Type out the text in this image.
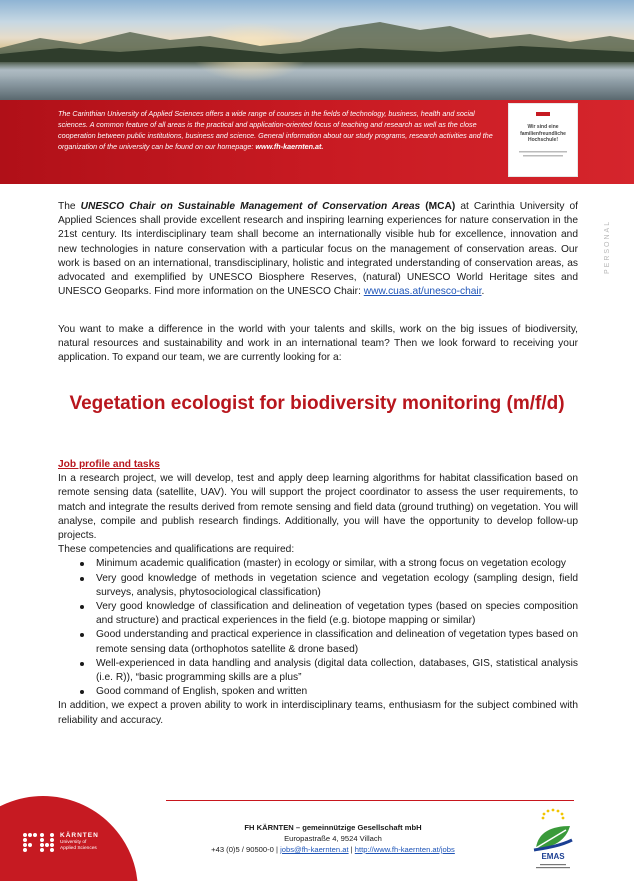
The Carinthian University of Applied Sciences offers a wide range of courses in the fields of technology, business, health and social sciences. A common feature of all areas is the practical and application-oriented focus of teaching and research as well as the close cooperation between public institutions, business and science. General information about our study programs, research activities and the organization of the university can be found on our homepage: www.fh-kaernten.at.
Wir sind eine familienfreundliche Hochschule!
PERSONAL
The UNESCO Chair on Sustainable Management of Conservation Areas (MCA) at Carinthia University of Applied Sciences shall provide excellent research and inspiring learning experiences for nature conservation in the 21st century. Its interdisciplinary team shall become an internationally visible hub for excellence, innovation and new technologies in nature conservation with a particular focus on the management of conservation areas. Our work is based on an international, transdisciplinary, holistic and integrated understanding of conservation areas, as advocated and exemplified by UNESCO Biosphere Reserves, (natural) UNESCO World Heritage sites and UNESCO Geoparks. Find more information on the UNESCO Chair: www.cuas.at/unesco-chair.
You want to make a difference in the world with your talents and skills, work on the big issues of biodiversity, natural resources and sustainability and work in an international team? Then we look forward to receiving your application. To expand our team, we are currently looking for a:
Vegetation ecologist for biodiversity monitoring (m/f/d)
Job profile and tasks
In a research project, we will develop, test and apply deep learning algorithms for habitat classification based on remote sensing data (satellite, UAV). You will support the project coordinator to assess the user requirements, to match and integrate the results derived from remote sensing and field data (ground truthing) on vegetation. You will analyse, compile and publish research findings. Additionally, you will have the opportunity to develop follow-up projects.
These competencies and qualifications are required:
Minimum academic qualification (master) in ecology or similar, with a strong focus on vegetation ecology
Very good knowledge of methods in vegetation science and vegetation ecology (sampling design, field surveys, analysis, phytosociological classification)
Very good knowledge of classification and delineation of vegetation types (based on species composition and structure) and practical experiences in the field (e.g. biotope mapping or similar)
Good understanding and practical experience in classification and delineation of vegetation types based on remote sensing data (orthophotos satellite & drone based)
Well-experienced in data handling and analysis (digital data collection, databases, GIS, statistical analysis (i.e. R)), “basic programming skills are a plus”
Good command of English, spoken and written
In addition, we expect a proven ability to work in interdisciplinary teams, enthusiasm for the subject combined with reliability and accuracy.
KÄRNTEN
University of
Applied Sciences
FH KÄRNTEN – gemeinnützige Gesellschaft mbH
Europastraße 4, 9524 Villach
+43 (0)5 / 90500-0 | jobs@fh-kaernten.at | http://www.fh-kaernten.at/jobs
EMAS
